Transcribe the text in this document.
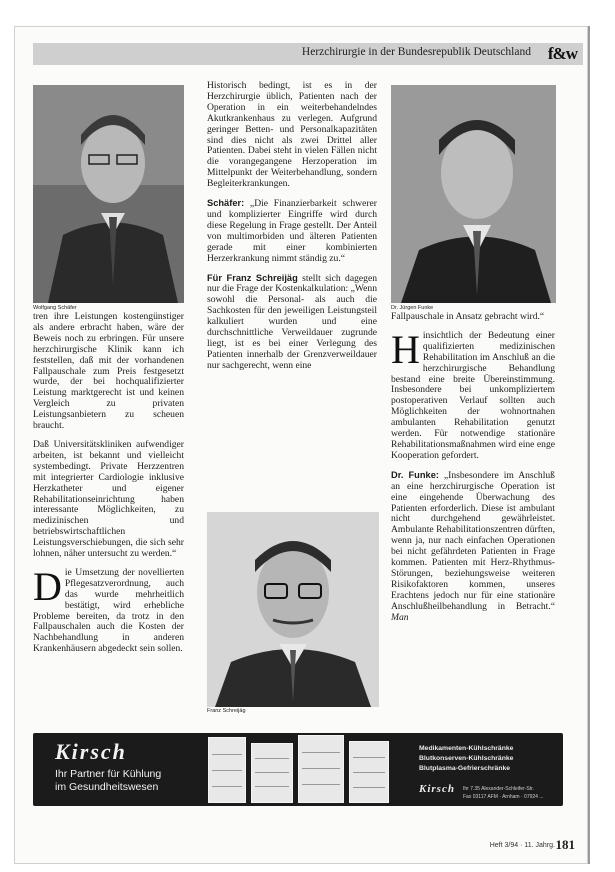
Herzchirurgie in der Bundesrepublik Deutschland f&w
Wolfgang Schäfer	Dr. Jürgen Funke
Franz Schreijäg

Historisch bedingt, ist es in der Herzchirurgie üblich, Patienten nach der Operation in ein weiterbehandelndes Akutkrankenhaus zu verlegen. Aufgrund geringer Betten- und Personalkapazitäten sind dies nicht als zwei Drittel aller Patienten. Dabei steht in vielen Fällen nicht die vorangegangene Herzoperation im Mittelpunkt der Weiterbehandlung, sondern Begleiterkrankungen.

Schäfer: „Die Finanzierbarkeit schwerer und komplizierter Eingriffe wird durch diese Regelung in Frage gestellt. Der Anteil von multimorbiden und älteren Patienten gerade mit einer kombinierten Herzerkrankung nimmt ständig zu.“

Für Franz Schreijäg stellt sich dagegen nur die Frage der Kostenkalkulation: „Wenn sowohl die Personal- als auch die Sachkosten für den jeweiligen Leistungsteil kalkuliert wurden und eine durchschnittliche Verweildauer zugrunde liegt, ist es bei einer Verlegung des Patienten innerhalb der Grenzverweildauer nur sachgerecht, wenn eine

tren ihre Leistungen kostengünstiger als andere erbracht haben, wäre der Beweis noch zu erbringen. Für unsere herzchirurgische Klinik kann ich feststellen, daß mit der vorhandenen Fallpauschale zum Preis festgesetzt wurde, der bei hochqualifizierter Leistung marktgerecht ist und keinen Vergleich zu privaten Leistungsanbietern zu scheuen braucht.

Daß Universitätskliniken aufwendiger arbeiten, ist bekannt und vielleicht systembedingt. Private Herzzentren mit integrierter Cardiologie inklusive Herzkatheter und eigener Rehabilitationseinrichtung haben interessante Möglichkeiten, zu medizinischen und betriebswirtschaftlichen Leistungsverschiebungen, die sich sehr lohnen, näher untersucht zu werden.“

Die Umsetzung der novellierten Pflegesatzverordnung, auch das wurde mehrheitlich bestätigt, wird erhebliche Probleme bereiten, da trotz in den Fallpauschalen auch die Kosten der Nachbehandlung in anderen Krankenhäusern abgedeckt sein sollen.

Fallpauschale in Ansatz gebracht wird.“

Hinsichtlich der Bedeutung einer qualifizierten medizinischen Rehabilitation im Anschluß an die herzchirurgische Behandlung bestand eine breite Übereinstimmung. Insbesondere bei unkompliziertem postoperativen Verlauf sollten auch Möglichkeiten der wohnortnahen ambulanten Rehabilitation genutzt werden. Für notwendige stationäre Rehabilitationsmaßnahmen wird eine enge Kooperation gefordert.

Dr. Funke: „Insbesondere im Anschluß an eine herzchirurgische Operation ist eine eingehende Überwachung des Patienten erforderlich. Diese ist ambulant nicht durchgehend gewährleistet. Ambulante Rehabilitationszentren dürften, wenn ja, nur nach einfachen Operationen bei nicht gefährdeten Patienten in Frage kommen. Patienten mit Herz-Rhythmus-Störungen, beziehungsweise weiteren Risikofaktoren kommen, unseres Erachtens jedoch nur für eine stationäre Anschlußheilbehandlung in Betracht.“ Man

Kirsch
Ihr Partner für Kühlung
im Gesundheitswesen
Medikamenten-Kühlschränke
Blutkonserven-Kühlschränke
Blutplasma-Gefrierschränke
Kirsch Ihr 7.35 Alexander-Schleifer-Str.
Fax 03117 AFM · Arnham · 07924 ...
Heft 3/94 · 11. Jahrg. 181
